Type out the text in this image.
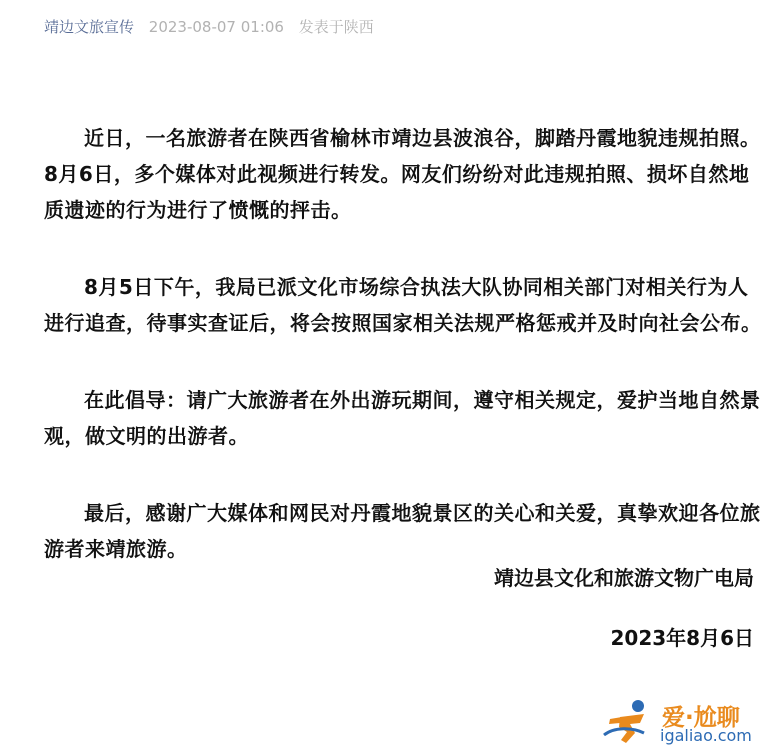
靖边文旅宣传 2023-08-07 01:06 发表于陕西

近日，一名旅游者在陕西省榆林市靖边县波浪谷，脚踏丹霞地貌违规拍照。8月6日，多个媒体对此视频进行转发。网友们纷纷对此违规拍照、损坏自然地质遗迹的行为进行了愤慨的抨击。

8月5日下午，我局已派文化市场综合执法大队协同相关部门对相关行为人进行追查，待事实查证后，将会按照国家相关法规严格惩戒并及时向社会公布。

在此倡导：请广大旅游者在外出游玩期间，遵守相关规定，爱护当地自然景观，做文明的出游者。

最后，感谢广大媒体和网民对丹霞地貌景区的关心和关爱，真挚欢迎各位旅游者来靖旅游。

靖边县文化和旅游文物广电局
2023年8月6日
爱·尬聊
igaliao.com
